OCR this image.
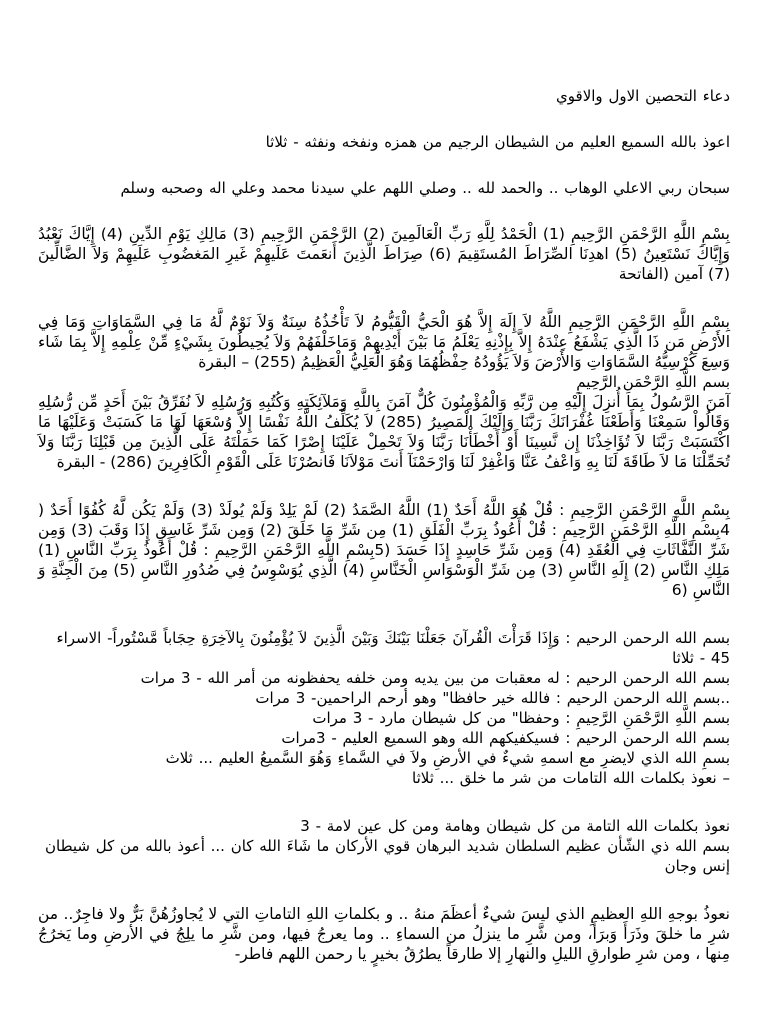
دعاء التحصين الاول والاقوي

اعوذ بالله السميع العليم من الشيطان الرجيم من همزه ونفخه ونفثه - ثلاثا

سبحان ربي الاعلي الوهاب .. والحمد لله .. وصلي اللهم علي سيدنا محمد وعلي اله وصحبه وسلم

بِسْمِ اللَّهِ الرَّحْمَنِ الرَّحِيمِ (1) الْحَمْدُ لِلَّهِ رَبِّ الْعَالَمِينَ (2) الرَّحْمَنِ الرَّحِيمِ (3) مَالِكِ يَوْمِ الدِّينِ (4) إِيَّاكَ نَعْبُدُ وَإِيَّاكَ نَسْتَعِينُ (5) اهدِنَا الصِّرَاطَ المُستَقِيمَ (6) صِرَاطَ الَّذِينَ أَنعَمتَ عَلَيهِمْ غَيرِ المَغضُوبِ عَلَيهِمْ وَلاَ الضَّالِّينَ (7) آمين (الفاتحة

بِسْمِ اللَّهِ الرَّحْمَنِ الرَّحِيمِ اللَّهُ لاَ إِلَهَ إِلاَّ هُوَ الْحَيُّ الْقَيُّومُ لاَ تَأْخُذُهُ سِنَةٌ وَلاَ نَوْمٌ لَّهُ مَا فِي السَّمَاوَاتِ وَمَا فِي الأَرْضِ مَن ذَا الَّذِي يَشْفَعُ عِنْدَهُ إِلاَّ بِإِذْنِهِ يَعْلَمُ مَا بَيْنَ أَيْدِيهِمْ وَمَاخَلْفَهُمْ وَلاَ يُحِيطُونَ بِشَيْءٍ مِّنْ عِلْمِهِ إِلاَّ بِمَا شَاء وَسِعَ كُرْسِيُّهُ السَّمَاوَاتِ وَالأَرْضَ وَلاَ يَؤُودُهُ حِفْظُهُمَا وَهُوَ الْعَلِيُّ الْعَظِيمُ (255) – البقرة

بسم اللَّهِ الرَّحْمَنِ الرَّحِيمِ

آمَنَ الرَّسُولُ بِمَا أُنزِلَ إِلَيْهِ مِن رَّبِّهِ وَالْمُؤْمِنُونَ كُلٌّ آمَنَ بِاللَّهِ وَمَلآئِكَتِهِ وَكُتُبِهِ وَرُسُلِهِ لاَ نُفَرِّقُ بَيْنَ أَحَدٍ مِّن رُّسُلِهِ وَقَالُواْ سَمِعْنَا وَأَطَعْنَا غُفْرَانَكَ رَبَّنَا وَإِلَيْكَ الْمَصِيرُ (285) لاَ يُكَلِّفُ اللَّهُ نَفْسًا إِلاَّ وُسْعَهَا لَهَا مَا كَسَبَتْ وَعَلَيْهَا مَا اكْتَسَبَتْ رَبَّنَا لاَ تُؤَاخِذْنَا إِن نَّسِينَا أَوْ أَخْطَأْنَا رَبَّنَا وَلاَ تَحْمِلْ عَلَيْنَا إِصْرًا كَمَا حَمَلْتَهُ عَلَى الَّذِينَ مِن قَبْلِنَا رَبَّنَا وَلاَ تُحَمِّلْنَا مَا لاَ طَاقَةَ لَنَا بِهِ وَاعْفُ عَنَّا وَاغْفِرْ لَنَا وَارْحَمْنَآ أَنتَ مَوْلاَنَا فَانصُرْنَا عَلَى الْقَوْمِ الْكَافِرِينَ (286) - البقرة

بِسْمِ اللَّهِ الرَّحْمَنِ الرَّحِيمِ : قُلْ هُوَ اللَّهُ أَحَدٌ (1) اللَّهُ الصَّمَدُ (2) لَمْ يَلِدْ وَلَمْ يُولَدْ (3) وَلَمْ يَكُن لَّهُ كُفُوًا أَحَدٌ ( 4بِسْمِ اللَّهِ الرَّحْمَنِ الرَّحِيمِ : قُلْ أَعُوذُ بِرَبِّ الْفَلَقِ (1) مِن شَرِّ مَا خَلَقَ (2) وَمِن شَرِّ غَاسِقٍ إِذَا وَقَبَ (3) وَمِن شَرِّ النَّفَّاثَاتِ فِي الْعُقَدِ (4) وَمِن شَرِّ حَاسِدٍ إِذَا حَسَدَ (5بِسْمِ اللَّهِ الرَّحْمَنِ الرَّحِيمِ : قُلْ أَعُوذُ بِرَبِّ النَّاسِ (1) مَلِكِ النَّاسِ (2) إِلَهِ النَّاسِ (3) مِن شَرِّ الْوَسْوَاسِ الْخَنَّاسِ (4) الَّذِي يُوَسْوِسُ فِي صُدُورِ النَّاسِ (5) مِنَ الْجِنَّةِ وَ النَّاسِ (6

بسم الله الرحمن الرحيم : وَإِذَا قَرَأْتَ الْقُرآنَ جَعَلْنَا بَيْنَكَ وَبَيْنَ الَّذِينَ لاَ يُؤْمِنُونَ بِالآخِرَةِ حِجَاباً مَّسْتُوراً- الاسراء 45 - ثلاثا

بسم الله الرحمن الرحيم : له معقبات من بين يديه ومن خلفه يحفظونه من أمر الله - 3 مرات

..بسم الله الرحمن الرحيم : فالله خير حافظا" وهو أرحم الراحمين- 3 مرات

بسم اللَّهِ الرَّحْمَنِ الرَّحِيمِ : وحفظا" من كل شيطان مارد - 3 مرات

بسم الله الرحمن الرحيم : فسيكفيكهم الله وهو السميع العليم - 3مرات

بسمِ الله الذي لايضرِ مع اسمهِ شيءٌ في الأرضِ ولاَ في السَّماءِ وَهُوَ السَّميعُ العليم ... ثلاث

– نعوذ بكلمات الله التامات من شر ما خلق ... ثلاثا

نعوذ بكلمات الله التامة من كل شيطان وهامة ومن كل عين لامة - 3

بسم الله ذي الشّأن عظيم السلطان شديد البرهان قوي الأركان ما شَاءَ الله كان ... أعوذ بالله من كل شيطان إنس وجان

نعوذُ بوجهِ اللهِ العظيمِ الذي ليسَ شيءٌ أعظَمَ منهُ .. و بكلماتِ اللهِ التاماتِ التي لا يُجاوزُهُنَّ بَرٌّ ولا فاجِرٌ.. من شرِ ما خلقَ وذَرَأَ وَبرَأَ، ومن شَّرِ ما ينزلُ من السماءِ .. وما يعرجُ فيها، ومن شَّرِ ما يلِجُ في الأرضِ وما يَخرُجُ مِنها ، ومن شرِ طوارقِ الليلِ والنهارِ إلا طارقاً يطرُقُ بخيرٍ يا رحمن اللهم فاطر-
